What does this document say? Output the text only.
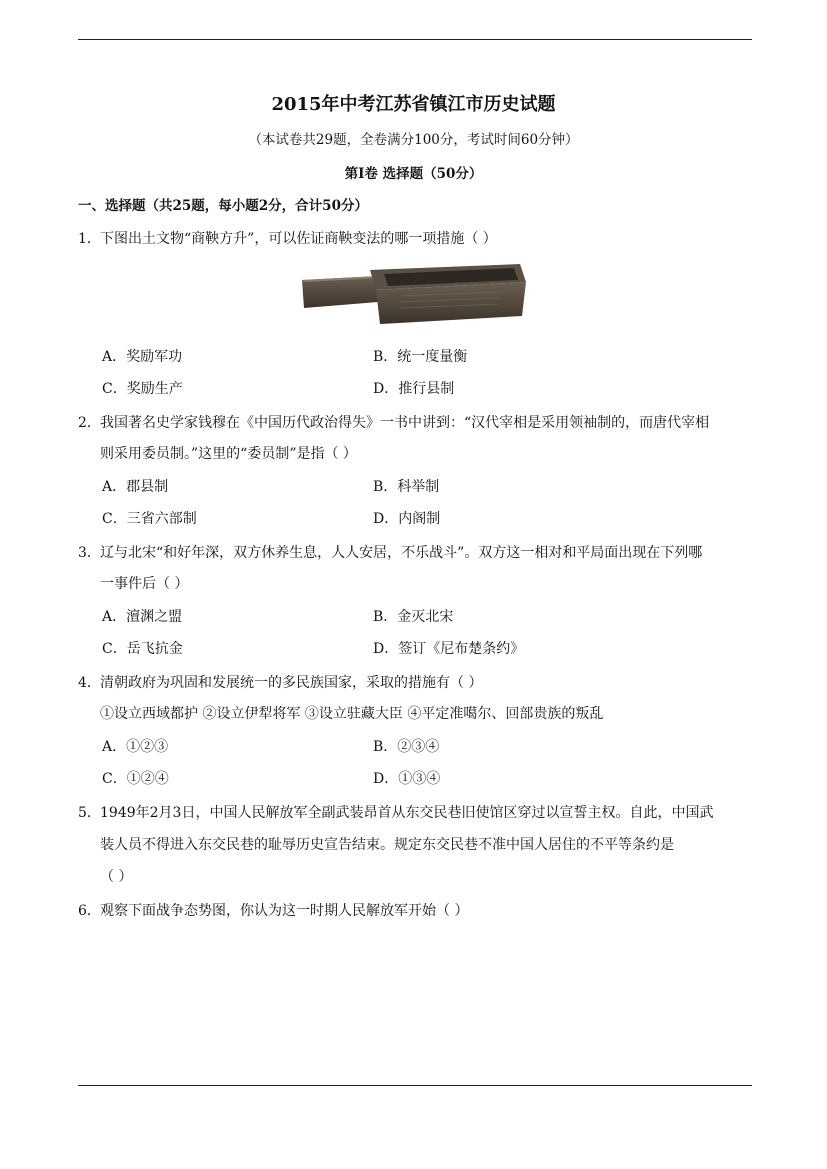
2015年中考江苏省镇江市历史试题
（本试卷共29题，全卷满分100分，考试时间60分钟）
第I卷 选择题（50分）
一、选择题（共25题，每小题2分，合计50分）
1．下图出土文物“商鞅方升”，可以佐证商鞅变法的哪一项措施（ ）
A．奖励军功	B．统一度量衡
C．奖励生产	D．推行县制
2．我国著名史学家钱穆在《中国历代政治得失》一书中讲到：“汉代宰相是采用领袖制的，而唐代宰相
则采用委员制。”这里的“委员制”是指（ ）
A．郡县制	B．科举制
C．三省六部制	D．内阁制
3．辽与北宋“和好年深，双方休养生息，人人安居，不乐战斗”。双方这一相对和平局面出现在下列哪
一事件后（ ）
A．澶渊之盟	B．金灭北宋
C．岳飞抗金	D．签订《尼布楚条约》
4．清朝政府为巩固和发展统一的多民族国家，采取的措施有（ ）
①设立西域都护 ②设立伊犁将军 ③设立驻藏大臣 ④平定准噶尔、回部贵族的叛乱
A．①②③	B．②③④
C．①②④	D．①③④
5．1949年2月3日，中国人民解放军全副武装昂首从东交民巷旧使馆区穿过以宣誓主权。自此，中国武
装人员不得进入东交民巷的耻辱历史宣告结束。规定东交民巷不准中国人居住的不平等条约是
（ ）
6．观察下面战争态势图，你认为这一时期人民解放军开始（ ）
